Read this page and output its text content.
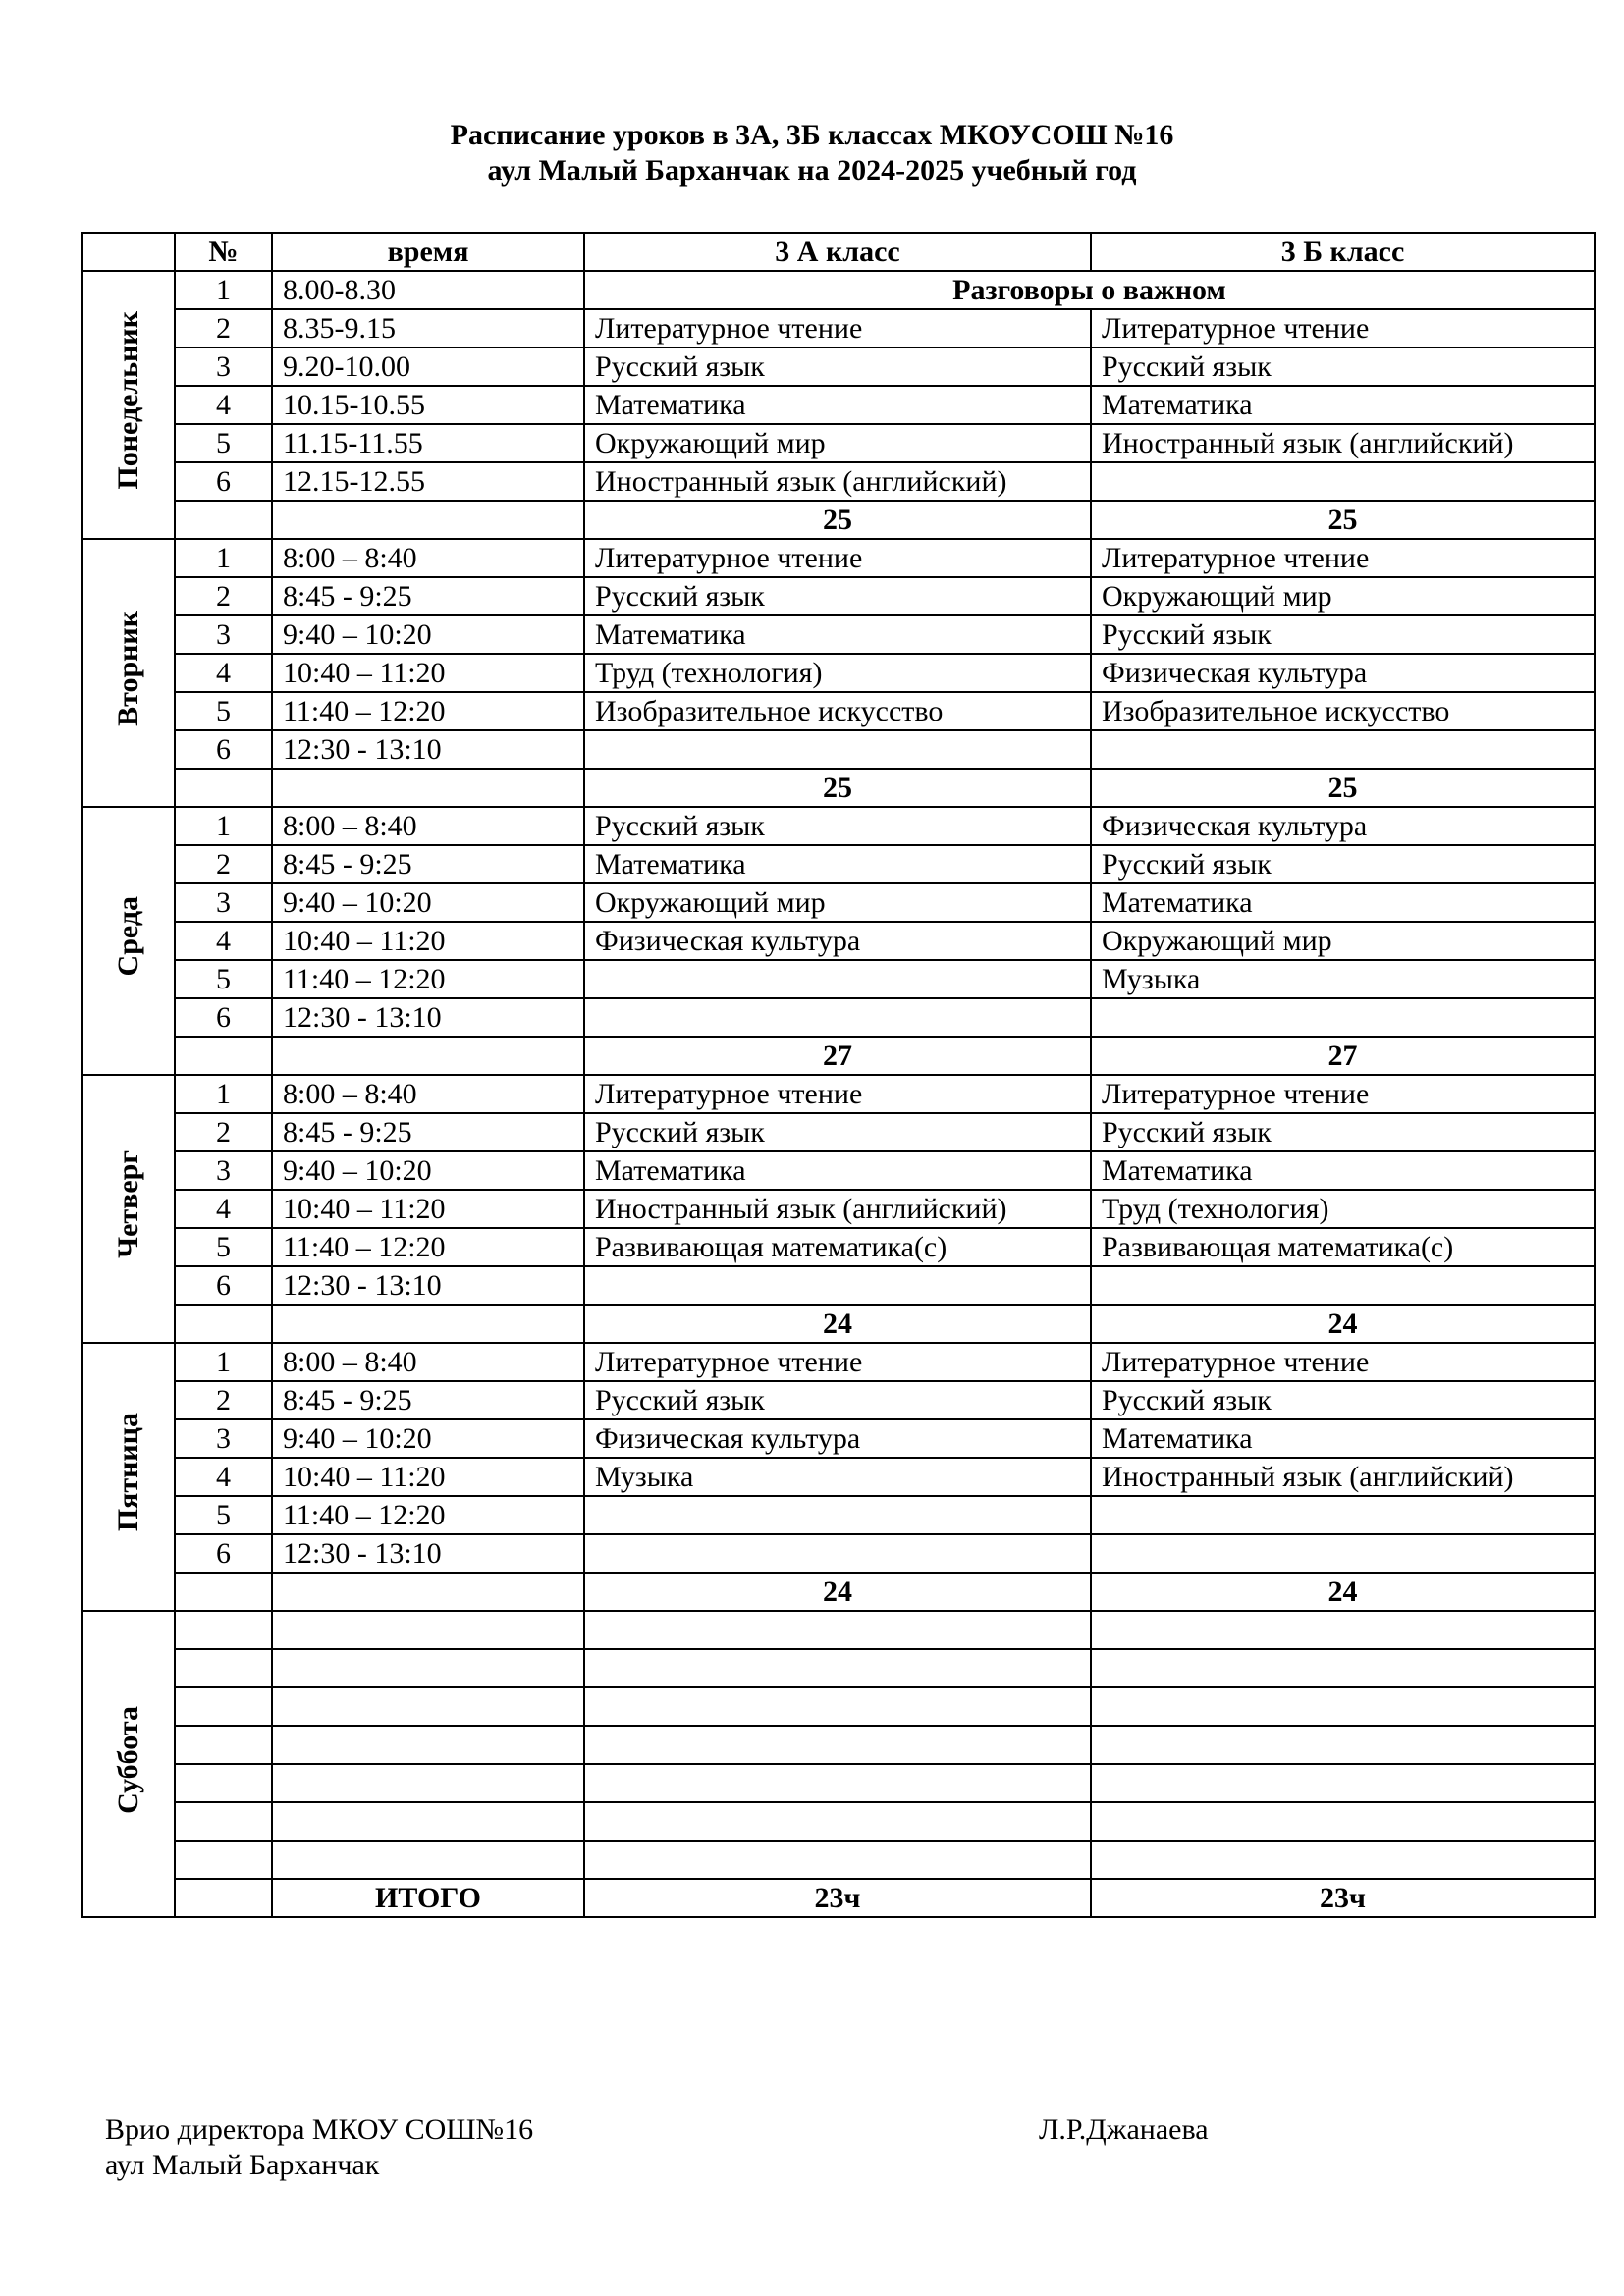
Расписание уроков в 3А, 3Б классах МКОУСОШ №16
аул Малый Барханчак на 2024-2025 учебный год
	№	время	3 А класс	3 Б класс
Понедельник	1	8.00-8.30	Разговоры о важном	
	2	8.35-9.15	Литературное чтение	Литературное чтение
	3	9.20-10.00	Русский язык	Русский язык
	4	10.15-10.55	Математика	Математика
	5	11.15-11.55	Окружающий мир	Иностранный язык (английский)
	6	12.15-12.55	Иностранный язык (английский)	
			25	25
Вторник	1	8:00 – 8:40	Литературное чтение	Литературное чтение
	2	8:45 - 9:25	Русский язык	Окружающий мир
	3	9:40 – 10:20	Математика	Русский язык
	4	10:40 – 11:20	Труд (технология)	Физическая культура
	5	11:40 – 12:20	Изобразительное искусство	Изобразительное искусство
	6	12:30 - 13:10		
			25	25
Среда	1	8:00 – 8:40	Русский язык	Физическая культура
	2	8:45 - 9:25	Математика	Русский язык
	3	9:40 – 10:20	Окружающий мир	Математика
	4	10:40 – 11:20	Физическая культура	Окружающий мир
	5	11:40 – 12:20		Музыка
	6	12:30 - 13:10		
			27	27
Четверг	1	8:00 – 8:40	Литературное чтение	Литературное чтение
	2	8:45 - 9:25	Русский язык	Русский язык
	3	9:40 – 10:20	Математика	Математика
	4	10:40 – 11:20	Иностранный язык (английский)	Труд (технология)
	5	11:40 – 12:20	Развивающая математика(с)	Развивающая математика(с)
	6	12:30 - 13:10		
			24	24
Пятница	1	8:00 – 8:40	Литературное чтение	Литературное чтение
	2	8:45 - 9:25	Русский язык	Русский язык
	3	9:40 – 10:20	Физическая культура	Математика
	4	10:40 – 11:20	Музыка	Иностранный язык (английский)
	5	11:40 – 12:20		
	6	12:30 - 13:10		
			24	24
Суббота				

		ИТОГО	23ч	23ч
Врио директора МКОУ СОШ№16
аул Малый Барханчак
Л.Р.Джанаева
